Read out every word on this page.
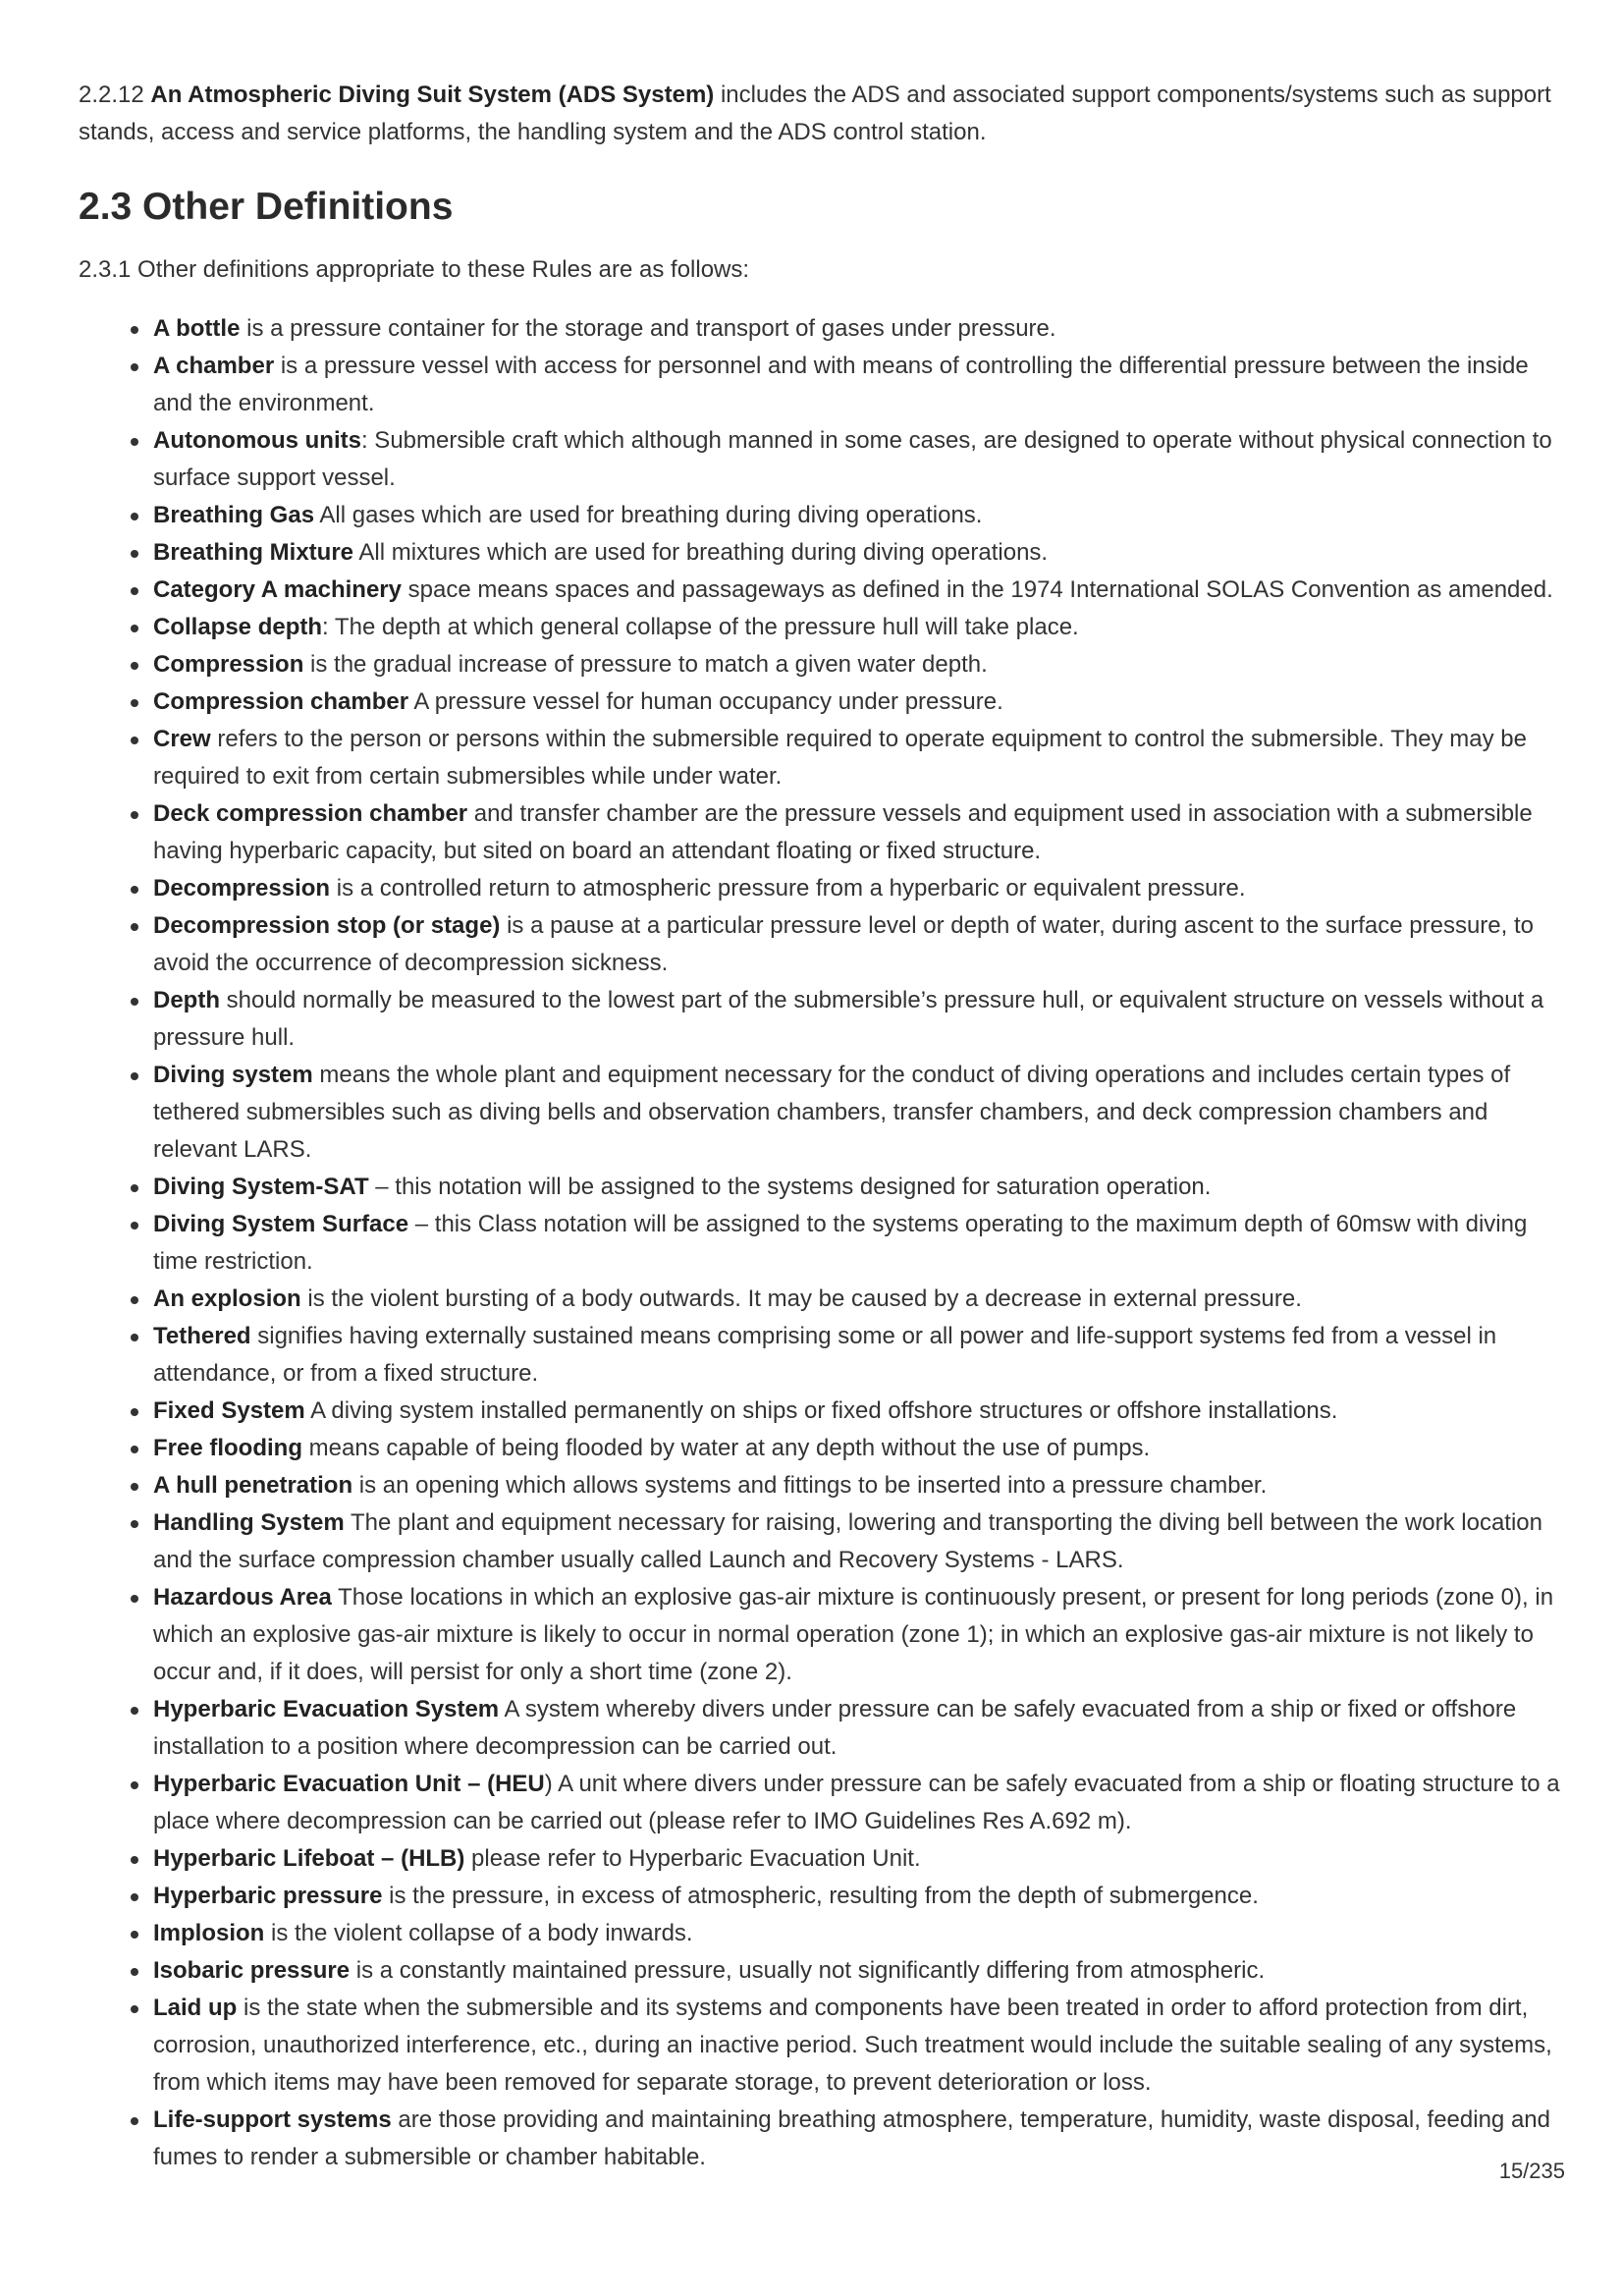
2.2.12 An Atmospheric Diving Suit System (ADS System) includes the ADS and associated support components/systems such as support stands, access and service platforms, the handling system and the ADS control station.

2.3 Other Definitions

2.3.1 Other definitions appropriate to these Rules are as follows:

A bottle is a pressure container for the storage and transport of gases under pressure.
A chamber is a pressure vessel with access for personnel and with means of controlling the differential pressure between the inside and the environment.
Autonomous units: Submersible craft which although manned in some cases, are designed to operate without physical connection to surface support vessel.
Breathing Gas All gases which are used for breathing during diving operations.
Breathing Mixture All mixtures which are used for breathing during diving operations.
Category A machinery space means spaces and passageways as defined in the 1974 International SOLAS Convention as amended.
Collapse depth: The depth at which general collapse of the pressure hull will take place.
Compression is the gradual increase of pressure to match a given water depth.
Compression chamber A pressure vessel for human occupancy under pressure.
Crew refers to the person or persons within the submersible required to operate equipment to control the submersible. They may be required to exit from certain submersibles while under water.
Deck compression chamber and transfer chamber are the pressure vessels and equipment used in association with a submersible having hyperbaric capacity, but sited on board an attendant floating or fixed structure.
Decompression is a controlled return to atmospheric pressure from a hyperbaric or equivalent pressure.
Decompression stop (or stage) is a pause at a particular pressure level or depth of water, during ascent to the surface pressure, to avoid the occurrence of decompression sickness.
Depth should normally be measured to the lowest part of the submersible’s pressure hull, or equivalent structure on vessels without a pressure hull.
Diving system means the whole plant and equipment necessary for the conduct of diving operations and includes certain types of tethered submersibles such as diving bells and observation chambers, transfer chambers, and deck compression chambers and relevant LARS.
Diving System-SAT – this notation will be assigned to the systems designed for saturation operation.
Diving System Surface – this Class notation will be assigned to the systems operating to the maximum depth of 60msw with diving time restriction.
An explosion is the violent bursting of a body outwards. It may be caused by a decrease in external pressure.
Tethered signifies having externally sustained means comprising some or all power and life-support systems fed from a vessel in attendance, or from a fixed structure.
Fixed System A diving system installed permanently on ships or fixed offshore structures or offshore installations.
Free flooding means capable of being flooded by water at any depth without the use of pumps.
A hull penetration is an opening which allows systems and fittings to be inserted into a pressure chamber.
Handling System The plant and equipment necessary for raising, lowering and transporting the diving bell between the work location and the surface compression chamber usually called Launch and Recovery Systems - LARS.
Hazardous Area Those locations in which an explosive gas-air mixture is continuously present, or present for long periods (zone 0), in which an explosive gas-air mixture is likely to occur in normal operation (zone 1); in which an explosive gas-air mixture is not likely to occur and, if it does, will persist for only a short time (zone 2).
Hyperbaric Evacuation System A system whereby divers under pressure can be safely evacuated from a ship or fixed or offshore installation to a position where decompression can be carried out.
Hyperbaric Evacuation Unit – (HEU) A unit where divers under pressure can be safely evacuated from a ship or floating structure to a place where decompression can be carried out (please refer to IMO Guidelines Res A.692 m).
Hyperbaric Lifeboat – (HLB) please refer to Hyperbaric Evacuation Unit.
Hyperbaric pressure is the pressure, in excess of atmospheric, resulting from the depth of submergence.
Implosion is the violent collapse of a body inwards.
Isobaric pressure is a constantly maintained pressure, usually not significantly differing from atmospheric.
Laid up is the state when the submersible and its systems and components have been treated in order to afford protection from dirt, corrosion, unauthorized interference, etc., during an inactive period. Such treatment would include the suitable sealing of any systems, from which items may have been removed for separate storage, to prevent deterioration or loss.
Life-support systems are those providing and maintaining breathing atmosphere, temperature, humidity, waste disposal, feeding and fumes to render a submersible or chamber habitable.
15/235
